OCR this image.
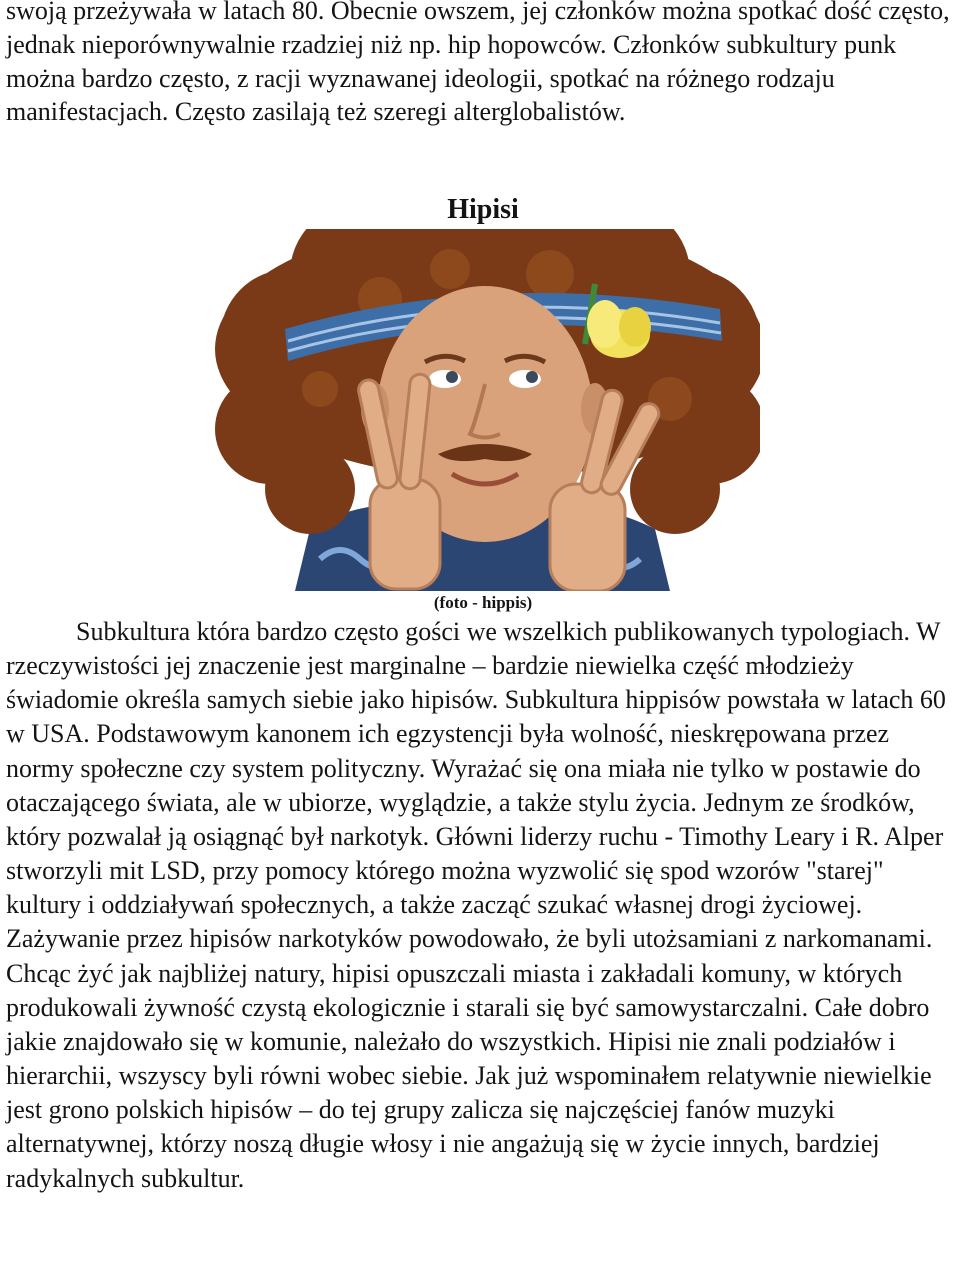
swoją przeżywała w latach 80. Obecnie owszem, jej członków można spotkać dość często, jednak nieporównywalnie rzadziej niż np. hip hopowców. Członków subkultury punk można bardzo często, z racji wyznawanej ideologii, spotkać na różnego rodzaju manifestacjach. Często zasilają też szeregi alterglobalistów.

Hipisi

(foto - hippis)

Subkultura która bardzo często gości we wszelkich publikowanych typologiach. W rzeczywistości jej znaczenie jest marginalne – bardzie niewielka część młodzieży świadomie określa samych siebie jako hipisów. Subkultura hippisów powstała w latach 60 w USA. Podstawowym kanonem ich egzystencji była wolność, nieskrępowana przez normy społeczne czy system polityczny. Wyrażać się ona miała nie tylko w postawie do otaczającego świata, ale w ubiorze, wyglądzie, a także stylu życia. Jednym ze środków, który pozwalał ją osiągnąć był narkotyk. Główni liderzy ruchu - Timothy Leary i R. Alper stworzyli mit LSD, przy pomocy którego można wyzwolić się spod wzorów "starej" kultury i oddziaływań społecznych, a także zacząć szukać własnej drogi życiowej. Zażywanie przez hipisów narkotyków powodowało, że byli utożsamiani z narkomanami. Chcąc żyć jak najbliżej natury, hipisi opuszczali miasta i zakładali komuny, w których produkowali żywność czystą ekologicznie i starali się być samowystarczalni. Całe dobro jakie znajdowało się w komunie, należało do wszystkich. Hipisi nie znali podziałów i hierarchii, wszyscy byli równi wobec siebie. Jak już wspominałem relatywnie niewielkie jest grono polskich hipisów – do tej grupy zalicza się najczęściej fanów muzyki alternatywnej, którzy noszą długie włosy i nie angażują się w życie innych, bardziej radykalnych subkultur.
